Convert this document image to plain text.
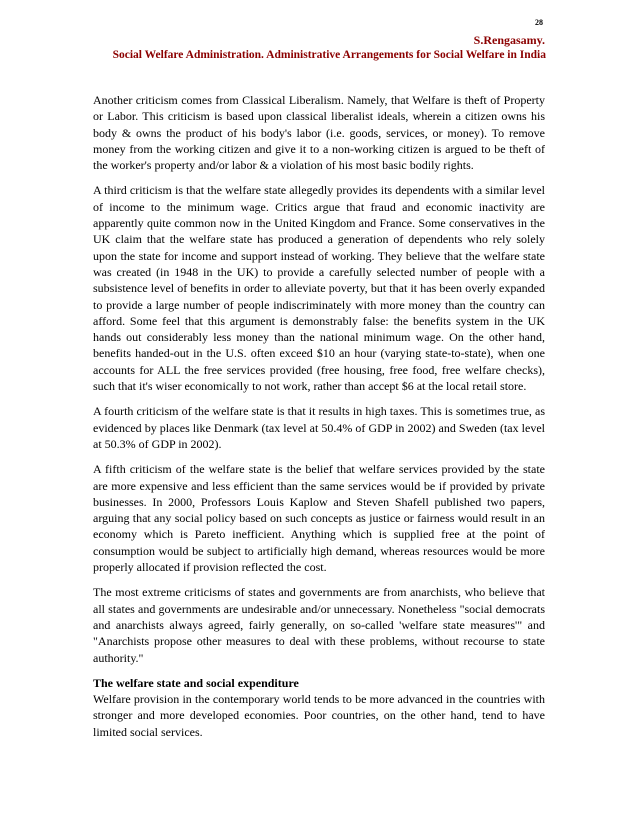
28
S.Rengasamy.
Social Welfare Administration. Administrative Arrangements for Social Welfare in India

Another criticism comes from Classical Liberalism. Namely, that Welfare is theft of Property or Labor. This criticism is based upon classical liberalist ideals, wherein a citizen owns his body & owns the product of his body's labor (i.e. goods, services, or money). To remove money from the working citizen and give it to a non-working citizen is argued to be theft of the worker's property and/or labor & a violation of his most basic bodily rights.

A third criticism is that the welfare state allegedly provides its dependents with a similar level of income to the minimum wage. Critics argue that fraud and economic inactivity are apparently quite common now in the United Kingdom and France. Some conservatives in the UK claim that the welfare state has produced a generation of dependents who rely solely upon the state for income and support instead of working. They believe that the welfare state was created (in 1948 in the UK) to provide a carefully selected number of people with a subsistence level of benefits in order to alleviate poverty, but that it has been overly expanded to provide a large number of people indiscriminately with more money than the country can afford. Some feel that this argument is demonstrably false: the benefits system in the UK hands out considerably less money than the national minimum wage. On the other hand, benefits handed-out in the U.S. often exceed $10 an hour (varying state-to-state), when one accounts for ALL the free services provided (free housing, free food, free welfare checks), such that it's wiser economically to not work, rather than accept $6 at the local retail store.

A fourth criticism of the welfare state is that it results in high taxes. This is sometimes true, as evidenced by places like Denmark (tax level at 50.4% of GDP in 2002) and Sweden (tax level at 50.3% of GDP in 2002).

A fifth criticism of the welfare state is the belief that welfare services provided by the state are more expensive and less efficient than the same services would be if provided by private businesses. In 2000, Professors Louis Kaplow and Steven Shafell published two papers, arguing that any social policy based on such concepts as justice or fairness would result in an economy which is Pareto inefficient. Anything which is supplied free at the point of consumption would be subject to artificially high demand, whereas resources would be more properly allocated if provision reflected the cost.

The most extreme criticisms of states and governments are from anarchists, who believe that all states and governments are undesirable and/or unnecessary. Nonetheless "social democrats and anarchists always agreed, fairly generally, on so-called 'welfare state measures'" and "Anarchists propose other measures to deal with these problems, without recourse to state authority."

The welfare state and social expenditure

Welfare provision in the contemporary world tends to be more advanced in the countries with stronger and more developed economies. Poor countries, on the other hand, tend to have limited social services.
